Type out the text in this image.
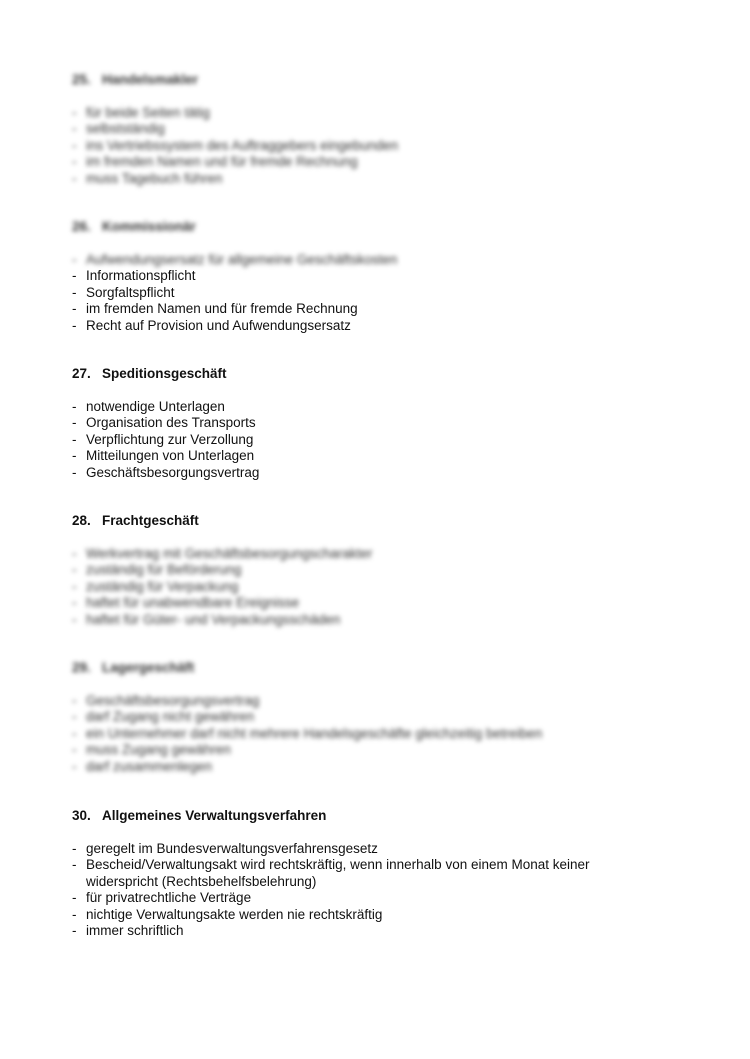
25. Handelsmakler

- für beide Seiten tätig
- selbstständig
- ins Vertriebssystem des Auftraggebers eingebunden
- im fremden Namen und für fremde Rechnung
- muss Tagebuch führen

26. Kommissionär

- Aufwendungsersatz für allgemeine Geschäftskosten
- Informationspflicht
- Sorgfaltspflicht
- im fremden Namen und für fremde Rechnung
- Recht auf Provision und Aufwendungsersatz

27. Speditionsgeschäft

- notwendige Unterlagen
- Organisation des Transports
- Verpflichtung zur Verzollung
- Mitteilungen von Unterlagen
- Geschäftsbesorgungsvertrag

28. Frachtgeschäft

- Werkvertrag mit Geschäftsbesorgungscharakter
- zuständig für Beförderung
- zuständig für Verpackung
- haftet für unabwendbare Ereignisse
- haftet für Güter- und Verpackungsschäden

29. Lagergeschäft

- Geschäftsbesorgungsvertrag
- darf Zugang nicht gewähren
- ein Unternehmer darf nicht mehrere Handelsgeschäfte gleichzeitig betreiben
- muss Zugang gewähren
- darf zusammenlegen

30. Allgemeines Verwaltungsverfahren

- geregelt im Bundesverwaltungsverfahrensgesetz
- Bescheid/Verwaltungsakt wird rechtskräftig, wenn innerhalb von einem Monat keiner widerspricht (Rechtsbehelfsbelehrung)
- für privatrechtliche Verträge
- nichtige Verwaltungsakte werden nie rechtskräftig
- immer schriftlich
